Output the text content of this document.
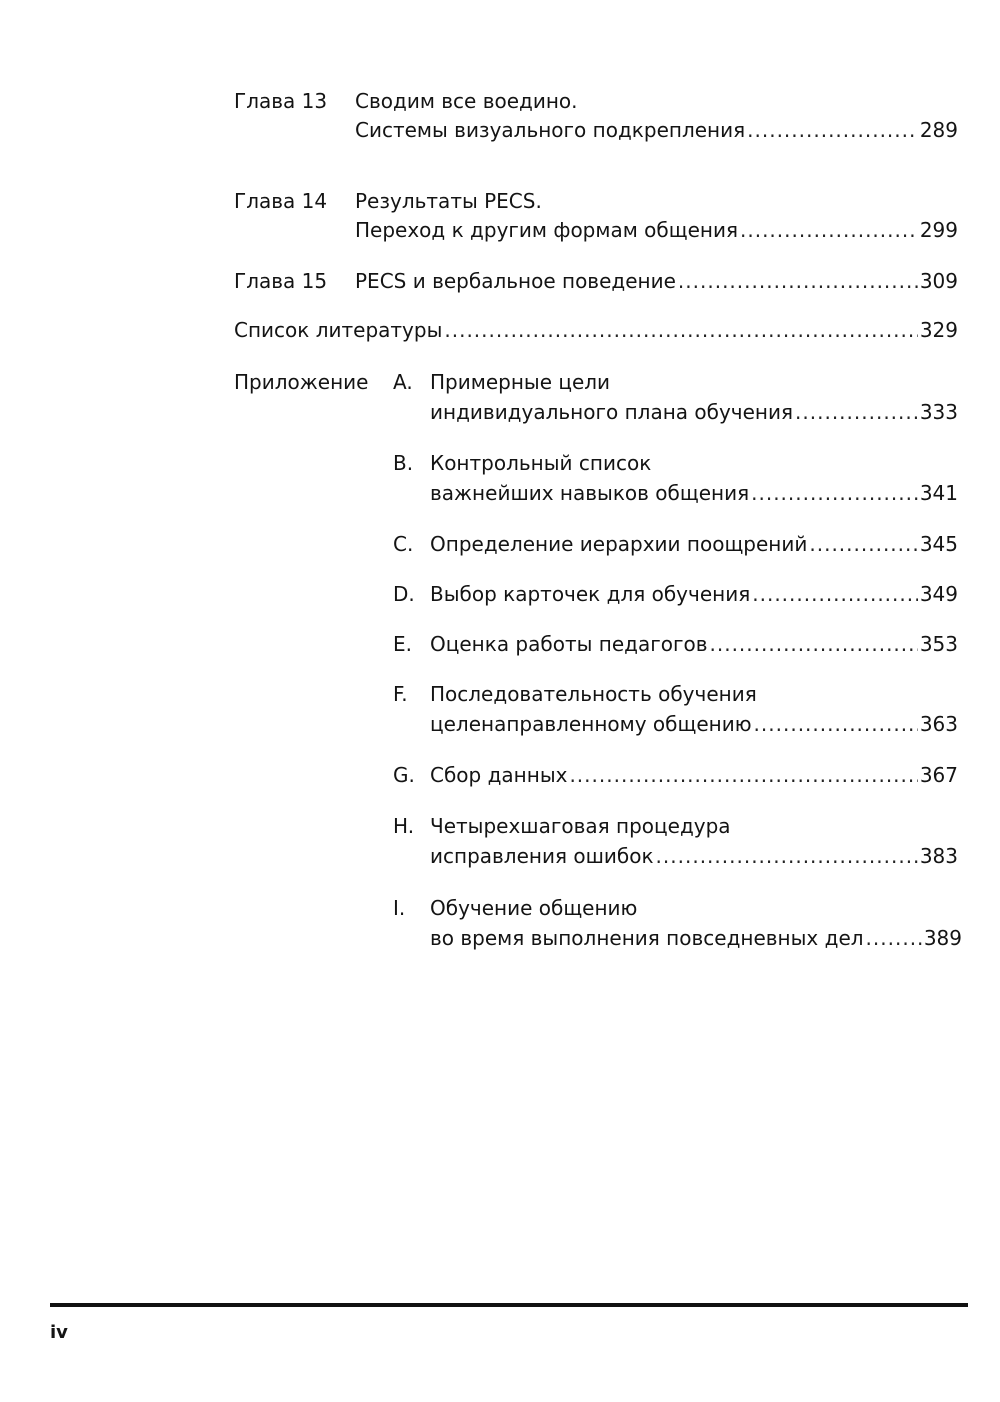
Глава 13 Сводим все воедино.
Системы визуального подкрепления .....	289
Глава 14 Результаты PECS.
Переход к другим формам общения .....	299
Глава 15 PECS и вербальное поведение .....	309
Список литературы .....	329
Приложение A. Примерные цели
индивидуального плана обучения .....	333
B. Контрольный список
важнейших навыков общения .....	341
C. Определение иерархии поощрений .....	345
D. Выбор карточек для обучения .....	349
E. Оценка работы педагогов .....	353
F. Последовательность обучения
целенаправленному общению .....	363
G. Сбор данных .....	367
H. Четырехшаговая процедура
исправления ошибок .....	383
I. Обучение общению
во время выполнения повседневных дел .....	389
iv
